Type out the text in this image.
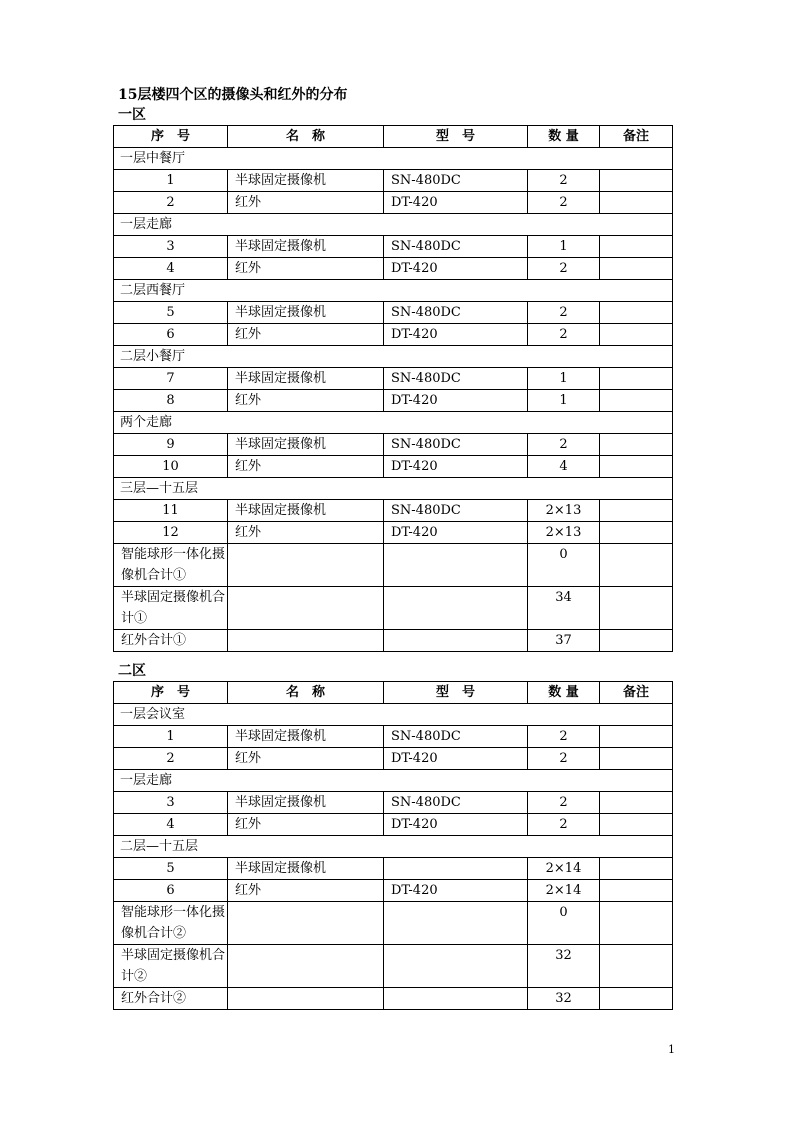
15层楼四个区的摄像头和红外的分布
一区
序　号	名　称	型　号	数 量	备注
一层中餐厅				
1	半球固定摄像机	SN-480DC	2	
2	红外	DT-420	2	
一层走廊				
3	半球固定摄像机	SN-480DC	1	
4	红外	DT-420	2	
二层西餐厅				
5	半球固定摄像机	SN-480DC	2	
6	红外	DT-420	2	
二层小餐厅				
7	半球固定摄像机	SN-480DC	1	
8	红外	DT-420	1	
两个走廊				
9	半球固定摄像机	SN-480DC	2	
10	红外	DT-420	4	
三层—十五层				
11	半球固定摄像机	SN-480DC	2×13	
12	红外	DT-420	2×13	
智能球形一体化摄像机合计①			0	
半球固定摄像机合计①			34	
红外合计①			37	
二区
序　号	名　称	型　号	数 量	备注
一层会议室				
1	半球固定摄像机	SN-480DC	2	
2	红外	DT-420	2	
一层走廊				
3	半球固定摄像机	SN-480DC	2	
4	红外	DT-420	2	
二层—十五层				
5	半球固定摄像机		2×14	
6	红外	DT-420	2×14	
智能球形一体化摄像机合计②			0	
半球固定摄像机合计②			32	
红外合计②			32	
1
